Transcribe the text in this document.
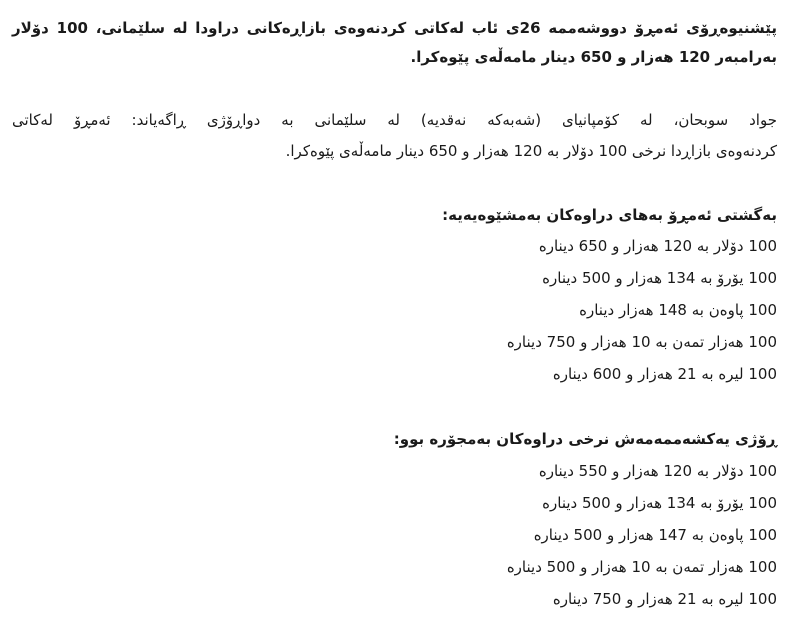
پێشنیوەڕۆی ئەمڕۆ دووشەممە 26ی ئاب لەکاتی کردنەوەی بازاڕەکانی دراودا لە سلێمانی، 100 دۆلار
بەرامبەر 120 هەزار و 650 دینار مامەڵەی پێوەکرا.
جواد سوبحان، لە کۆمپانیای (شەبەکە نەقدیە) لە سلێمانی بە دواڕۆژی ڕاگەیاند: ئەمڕۆ لەکاتی
کردنەوەی بازاڕدا نرخی 100 دۆلار بە 120 هەزار و 650 دینار مامەڵەی پێوەکرا.
بەگشتی ئەمڕۆ بەهای دراوەکان بەمشێوەیەیە:
100 دۆلار بە 120 هەزار و 650 دینارە
100 یۆرۆ بە 134 هەزار و 500 دینارە
100 پاوەن بە 148 هەزار دینارە
100 هەزار تمەن بە 10 هەزار و 750 دینارە
100 لیرە بە 21 هەزار و 600 دینارە
ڕۆژی یەکشەممەمەش نرخی دراوەکان بەمجۆرە بوو:
100 دۆلار بە 120 هەزار و 550 دینارە
100 یۆرۆ بە 134 هەزار و 500 دینارە
100 پاوەن بە 147 هەزار و 500 دینارە
100 هەزار تمەن بە 10 هەزار و 500 دینارە
100 لیرە بە 21 هەزار و 750 دینارە
